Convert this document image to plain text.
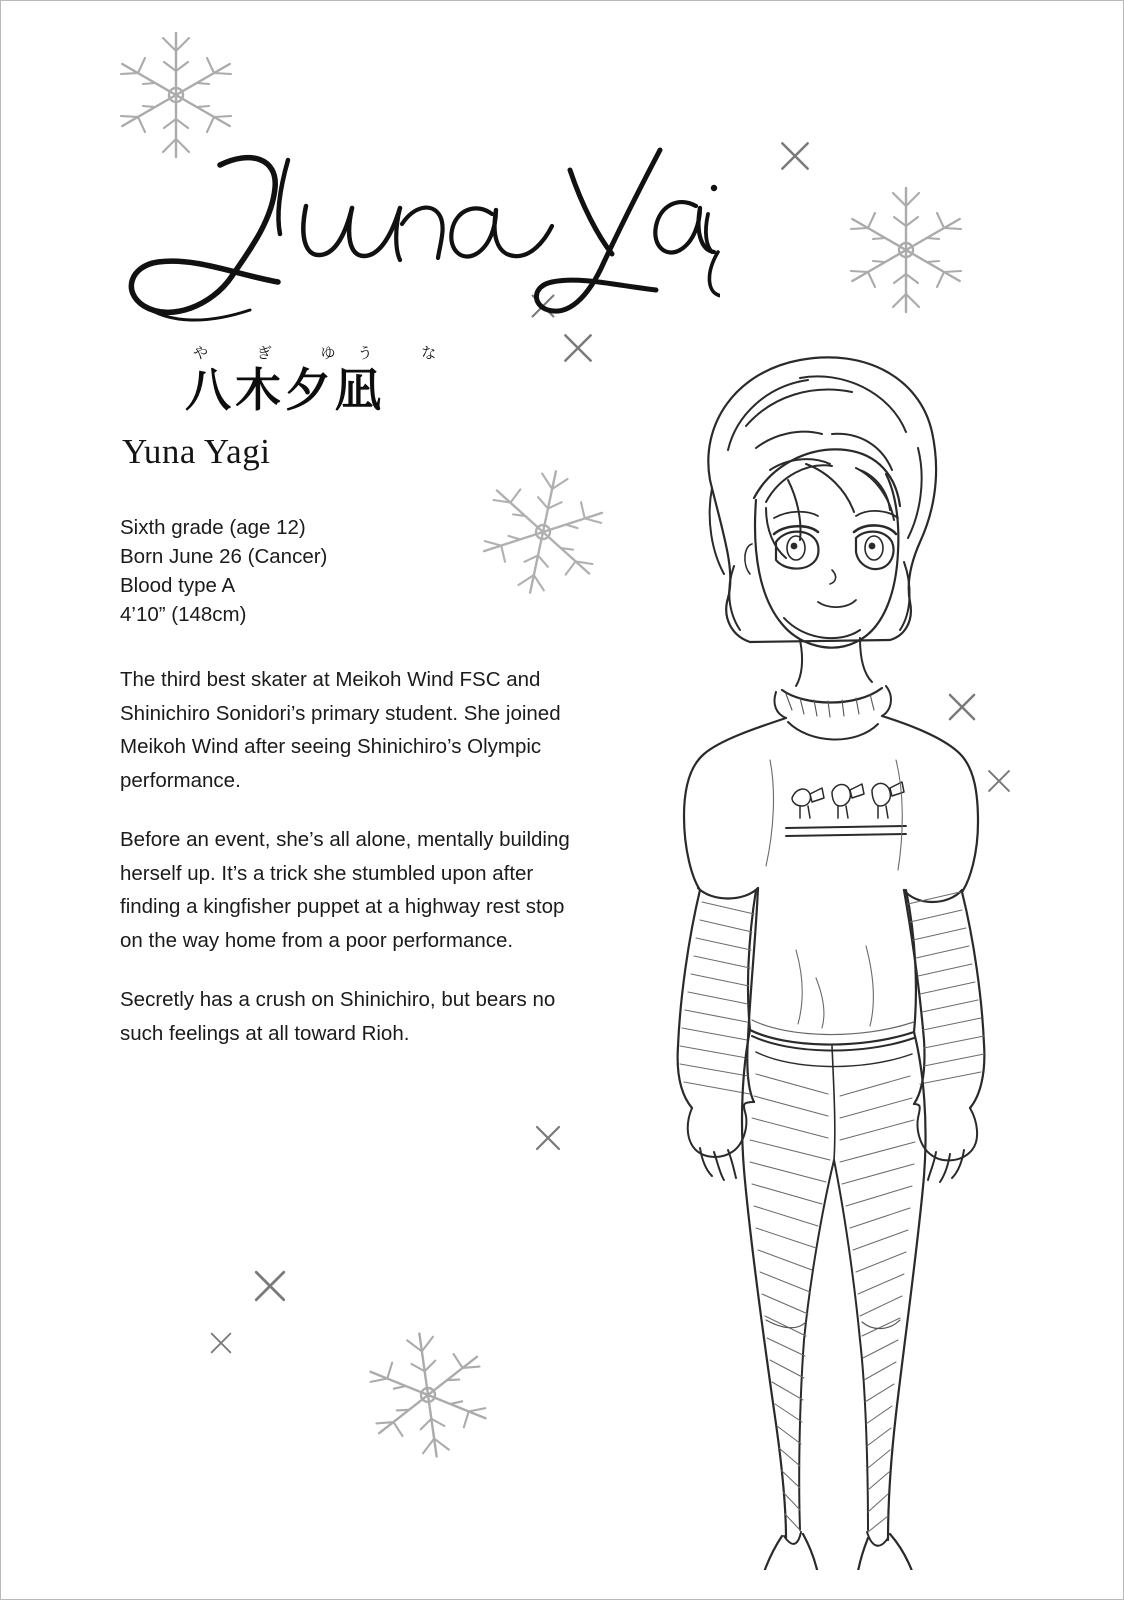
や ぎ ゆう な
八木夕凪
Yuna Yagi
Sixth grade (age 12)
Born June 26 (Cancer)
Blood type A
4’10” (148cm)

The third best skater at Meikoh Wind FSC and Shinichiro Sonidori’s primary student. She joined Meikoh Wind after seeing Shinichiro’s Olympic performance.

Before an event, she’s all alone, mentally building herself up. It’s a trick she stumbled upon after finding a kingfisher puppet at a highway rest stop on the way home from a poor performance.

Secretly has a crush on Shinichiro, but bears no such feelings at all toward Rioh.
